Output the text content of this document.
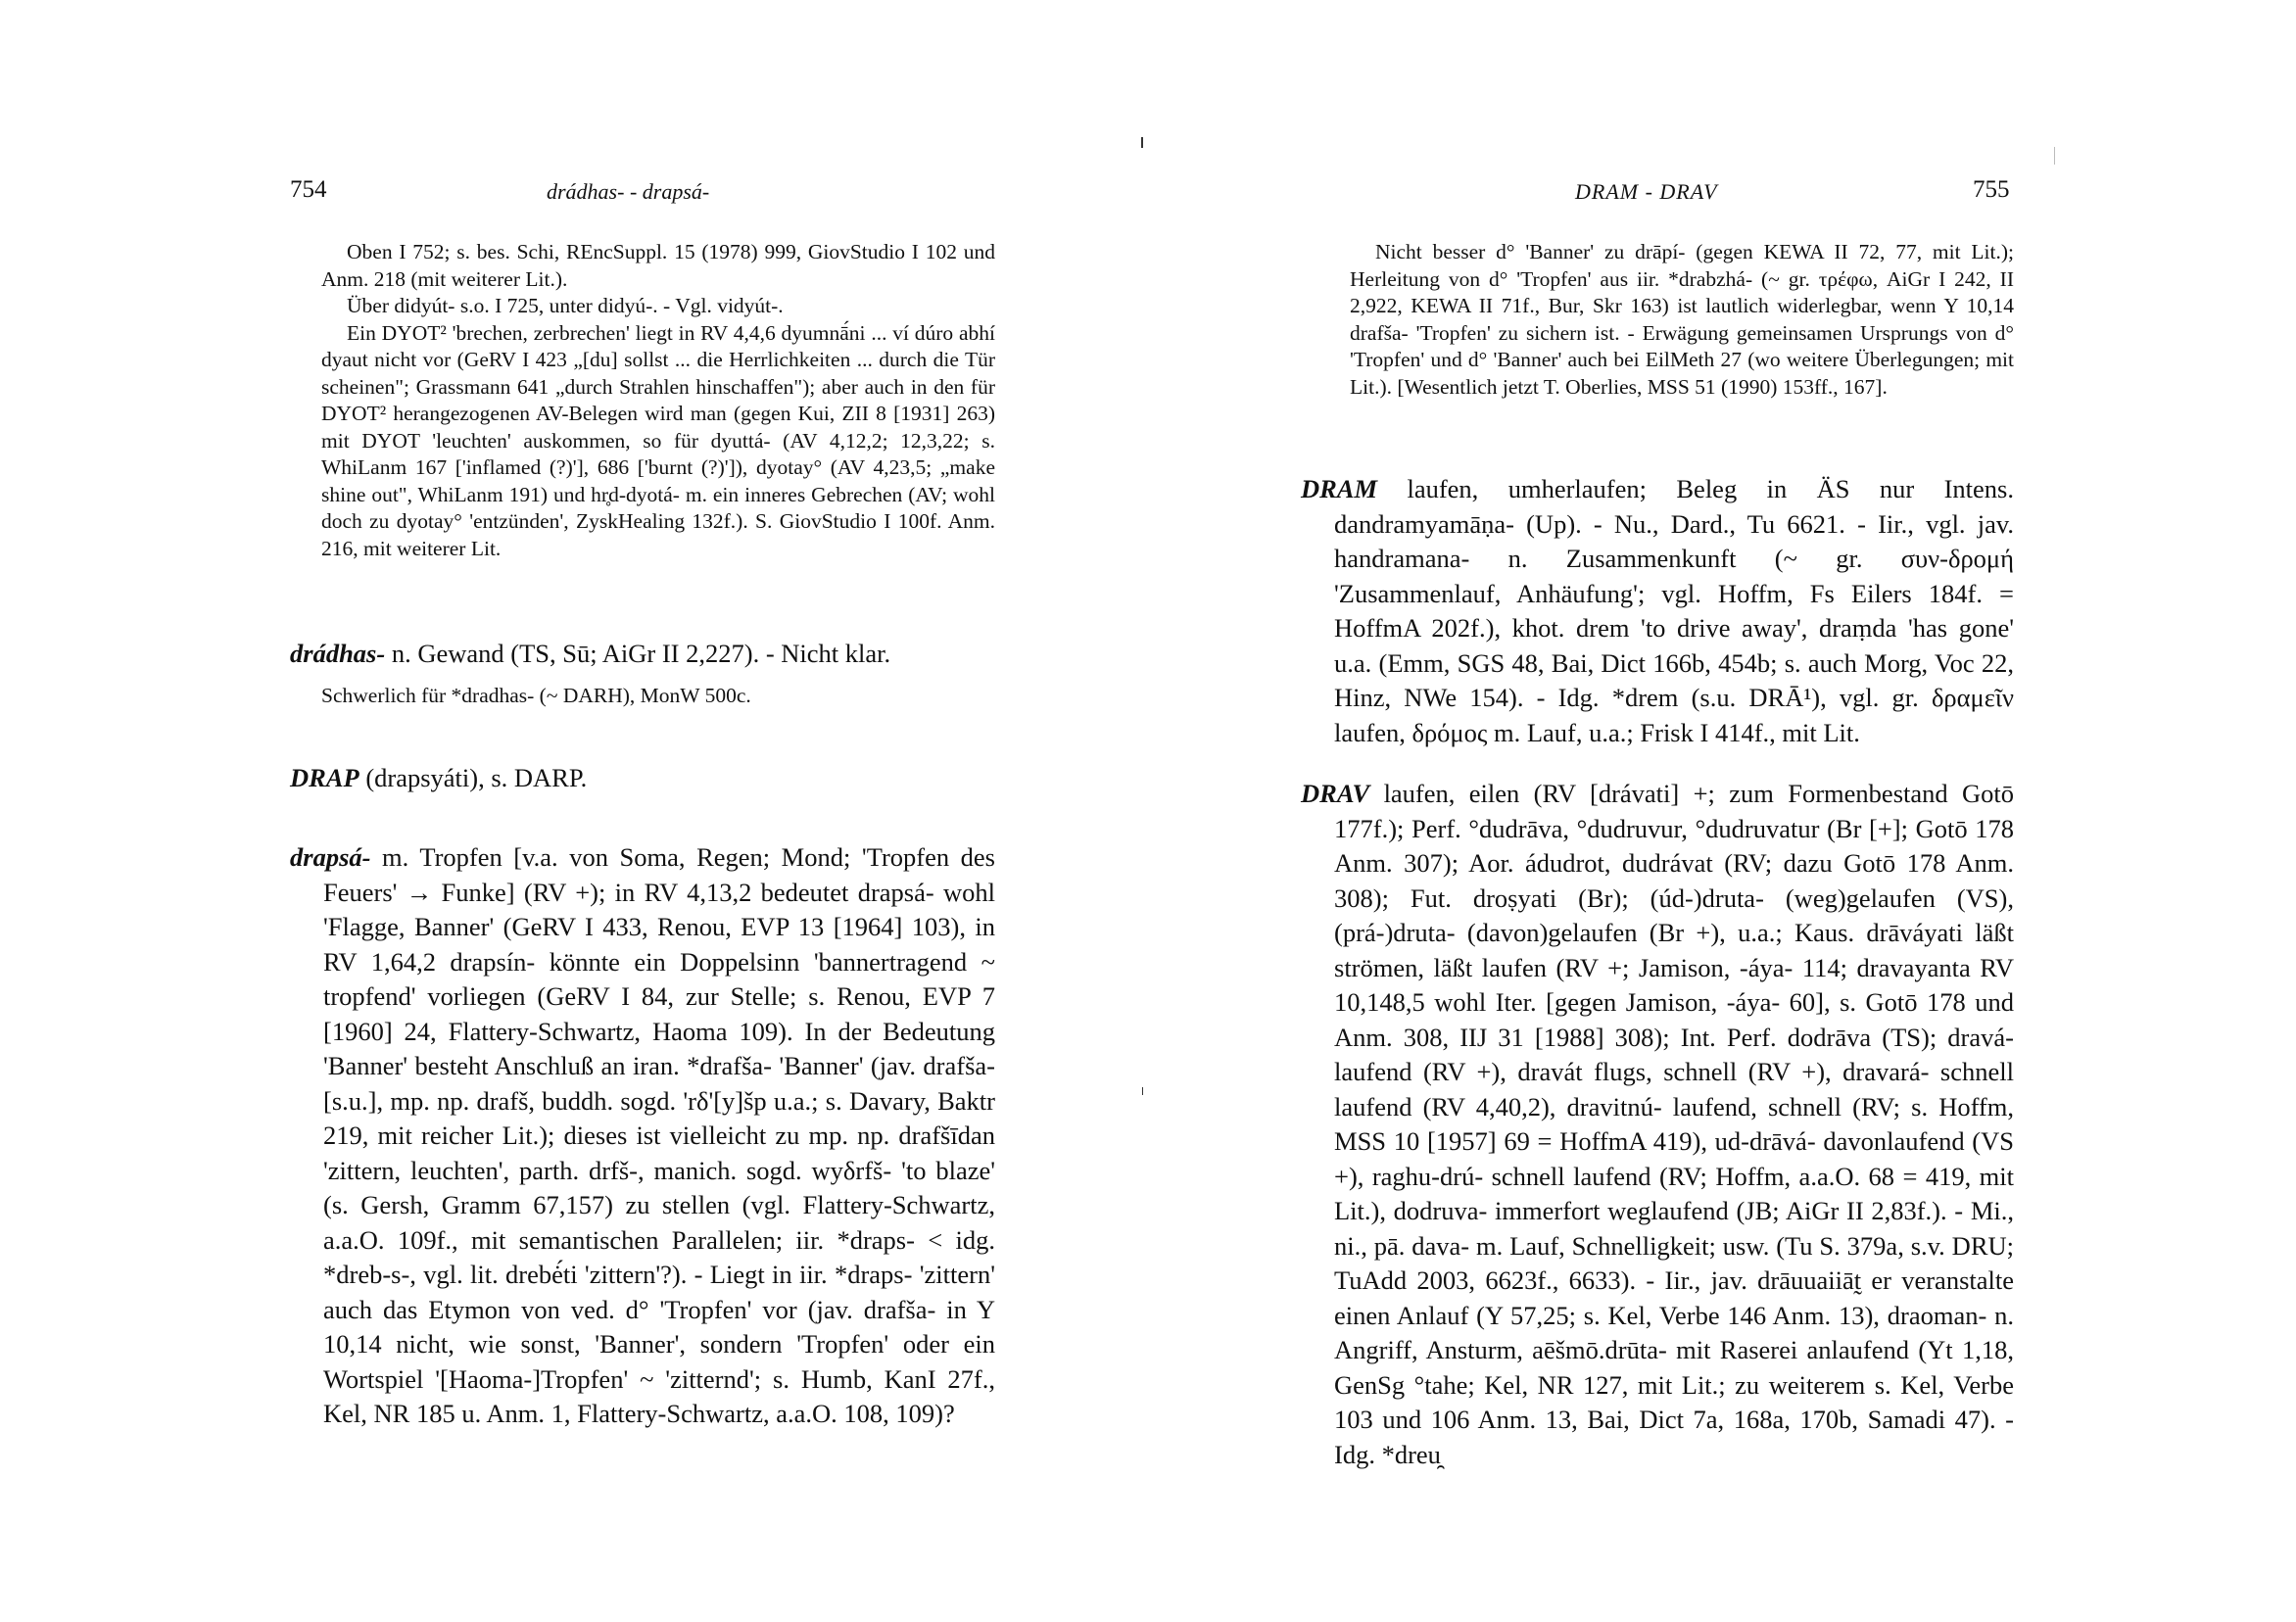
754	drádhas- - drapsá-

Oben I 752; s. bes. Schi, REncSuppl. 15 (1978) 999, GiovStudio I 102 und Anm. 218 (mit weiterer Lit.).

Über didyút- s.o. I 725, unter didyú-. - Vgl. vidyút-.

Ein DYOT² 'brechen, zerbrechen' liegt in RV 4,4,6 dyumnā́ni ... ví dúro abhí dyaut nicht vor (GeRV I 423 „[du] sollst ... die Herrlichkeiten ... durch die Tür scheinen"; Grassmann 641 „durch Strahlen hinschaffen"); aber auch in den für DYOT² herangezogenen AV-Belegen wird man (gegen Kui, ZII 8 [1931] 263) mit DYOT 'leuchten' auskommen, so für dyuttá- (AV 4,12,2; 12,3,22; s. WhiLanm 167 ['inflamed (?)'], 686 ['burnt (?)']), dyotay° (AV 4,23,5; „make shine out", WhiLanm 191) und hr̥d-dyotá- m. ein inneres Gebrechen (AV; wohl doch zu dyotay° 'entzünden', ZyskHealing 132f.). S. GiovStudio I 100f. Anm. 216, mit weiterer Lit.

drádhas- n. Gewand (TS, Sū; AiGr II 2,227). - Nicht klar.

Schwerlich für *dradhas- (~ DARH), MonW 500c.

DRAP (drapsyáti), s. DARP.

drapsá- m. Tropfen [v.a. von Soma, Regen; Mond; 'Tropfen des Feuers' → Funke] (RV +); in RV 4,13,2 bedeutet drapsá- wohl 'Flagge, Banner' (GeRV I 433, Renou, EVP 13 [1964] 103), in RV 1,64,2 drapsín- könnte ein Doppelsinn 'bannertragend ~ tropfend' vorliegen (GeRV I 84, zur Stelle; s. Renou, EVP 7 [1960] 24, Flattery-Schwartz, Haoma 109). In der Bedeutung 'Banner' besteht Anschluß an iran. *drafša- 'Banner' (jav. drafša- [s.u.], mp. np. drafš, buddh. sogd. 'rδ'[y]šp u.a.; s. Davary, Baktr 219, mit reicher Lit.); dieses ist vielleicht zu mp. np. drafšīdan 'zittern, leuchten', parth. drfš-, manich. sogd. wyδrfš- 'to blaze' (s. Gersh, Gramm 67,157) zu stellen (vgl. Flattery-Schwartz, a.a.O. 109f., mit semantischen Parallelen; iir. *draps- < idg. *dreb-s-, vgl. lit. drebė́ti 'zittern'?). - Liegt in iir. *draps- 'zittern' auch das Etymon von ved. d° 'Tropfen' vor (jav. drafša- in Y 10,14 nicht, wie sonst, 'Banner', sondern 'Tropfen' oder ein Wortspiel '[Haoma-]Tropfen' ~ 'zitternd'; s. Humb, KanI 27f., Kel, NR 185 u. Anm. 1, Flattery-Schwartz, a.a.O. 108, 109)?

DRAM - DRAV	755

Nicht besser d° 'Banner' zu drāpí- (gegen KEWA II 72, 77, mit Lit.); Herleitung von d° 'Tropfen' aus iir. *drabzhá- (~ gr. τρέφω, AiGr I 242, II 2,922, KEWA II 71f., Bur, Skr 163) ist lautlich widerlegbar, wenn Y 10,14 drafša- 'Tropfen' zu sichern ist. - Erwägung gemeinsamen Ursprungs von d° 'Tropfen' und d° 'Banner' auch bei EilMeth 27 (wo weitere Überlegungen; mit Lit.). [Wesentlich jetzt T. Oberlies, MSS 51 (1990) 153ff., 167].

DRAM laufen, umherlaufen; Beleg in ÄS nur Intens. dandramyamāṇa- (Up). - Nu., Dard., Tu 6621. - Iir., vgl. jav. handramana- n. Zusammenkunft (~ gr. συν-δρομή 'Zusammenlauf, Anhäufung'; vgl. Hoffm, Fs Eilers 184f. = HoffmA 202f.), khot. drem 'to drive away', draṃda 'has gone' u.a. (Emm, SGS 48, Bai, Dict 166b, 454b; s. auch Morg, Voc 22, Hinz, NWe 154). - Idg. *drem (s.u. DRĀ¹), vgl. gr. δραμεῖν laufen, δρόμος m. Lauf, u.a.; Frisk I 414f., mit Lit.

DRAV laufen, eilen (RV [drávati] +; zum Formenbestand Gotō 177f.); Perf. °dudrāva, °dudruvur, °dudruvatur (Br [+]; Gotō 178 Anm. 307); Aor. ádudrot, dudrávat (RV; dazu Gotō 178 Anm. 308); Fut. droṣyati (Br); (úd-)druta- (weg)gelaufen (VS), (prá-)druta- (davon)gelaufen (Br +), u.a.; Kaus. drāváyati läßt strömen, läßt laufen (RV +; Jamison, -áya- 114; dravayanta RV 10,148,5 wohl Iter. [gegen Jamison, -áya- 60], s. Gotō 178 und Anm. 308, IIJ 31 [1988] 308); Int. Perf. dodrāva (TS); dravá- laufend (RV +), dravát flugs, schnell (RV +), dravará- schnell laufend (RV 4,40,2), dravitnú- laufend, schnell (RV; s. Hoffm, MSS 10 [1957] 69 = HoffmA 419), ud-drāvá- davonlaufend (VS +), raghu-drú- schnell laufend (RV; Hoffm, a.a.O. 68 = 419, mit Lit.), dodruva- immerfort weglaufend (JB; AiGr II 2,83f.). - Mi., ni., pā. dava- m. Lauf, Schnelligkeit; usw. (Tu S. 379a, s.v. DRU; TuAdd 2003, 6623f., 6633). - Iir., jav. drāuuaiiāt̰ er veranstalte einen Anlauf (Y 57,25; s. Kel, Verbe 146 Anm. 13), draoman- n. Angriff, Ansturm, aēšmō.drūta- mit Raserei anlaufend (Yt 1,18, GenSg °tahe; Kel, NR 127, mit Lit.; zu weiterem s. Kel, Verbe 103 und 106 Anm. 13, Bai, Dict 7a, 168a, 170b, Samadi 47). - Idg. *dreu̯
